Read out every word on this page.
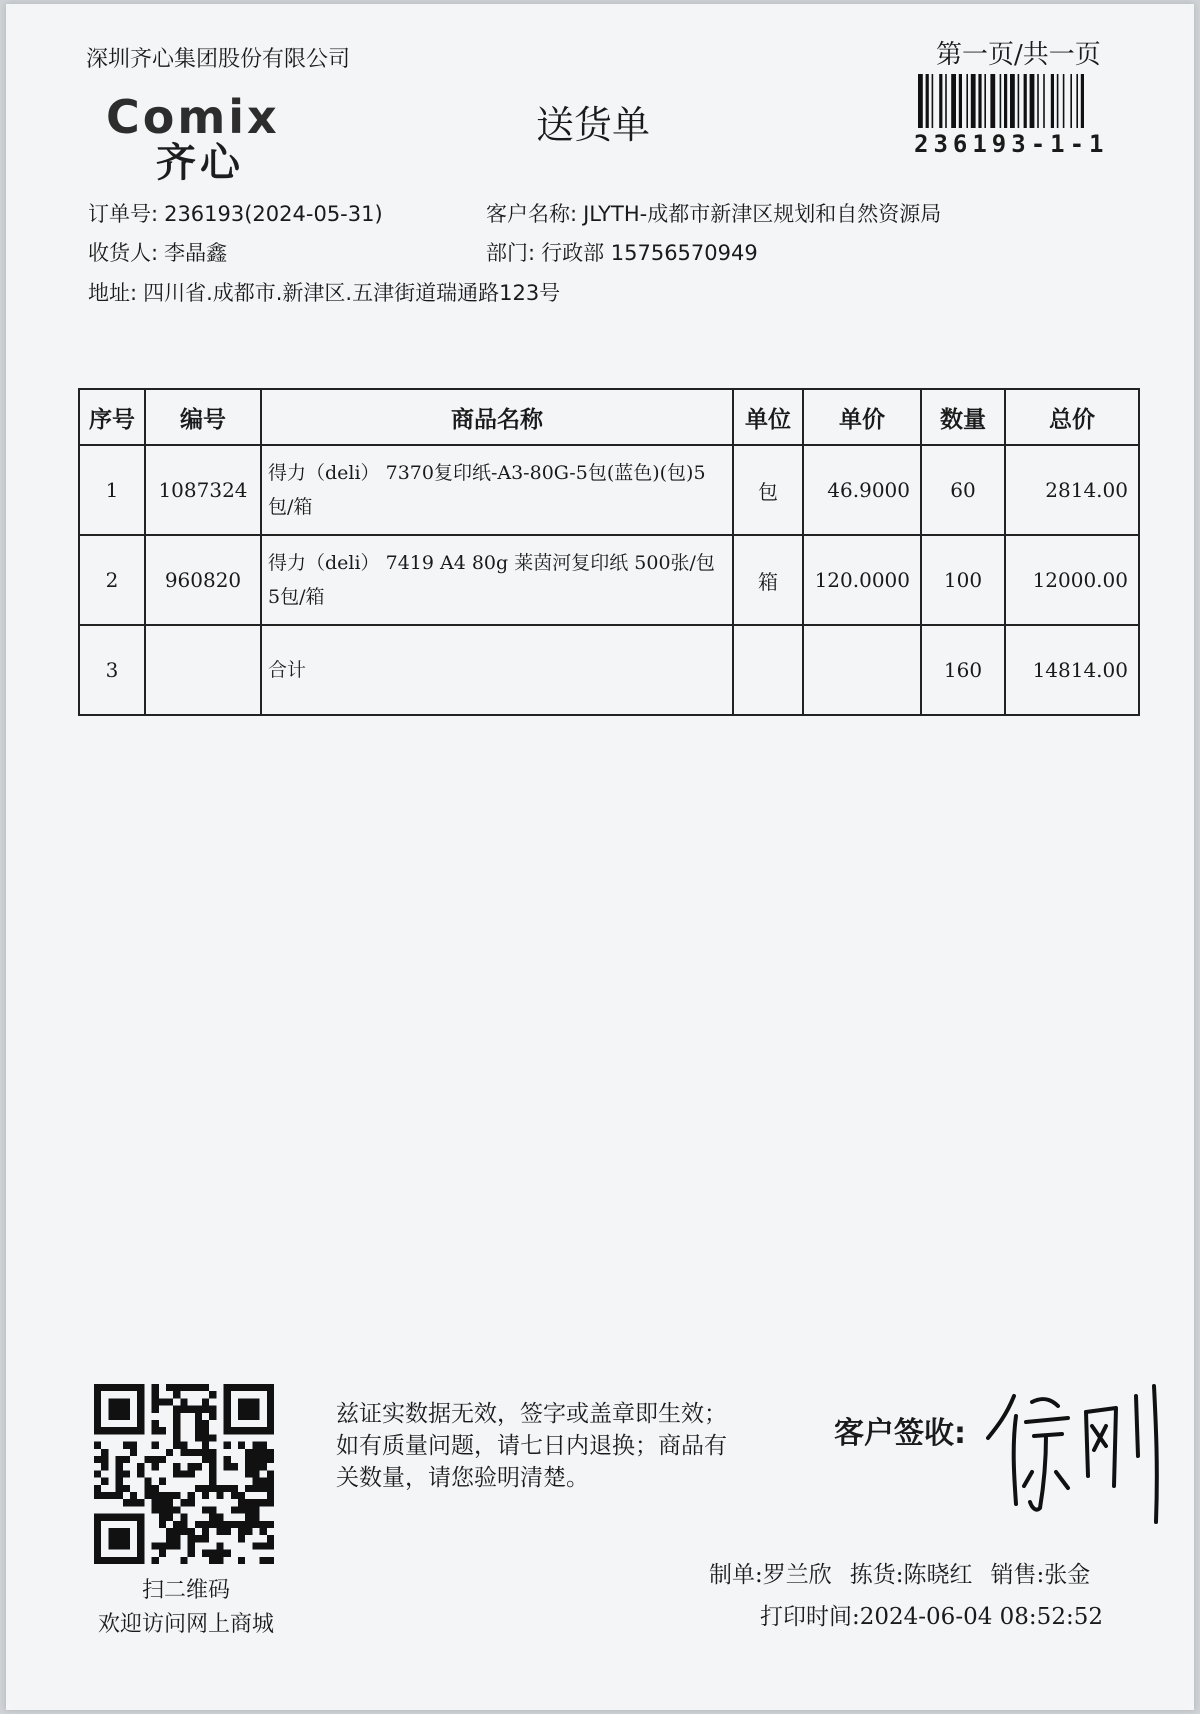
深圳齐心集团股份有限公司	第一页/共一页
236193-1-1
Comix
齐心
送货单
订单号: 236193(2024-05-31)	客户名称: JLYTH-成都市新津区规划和自然资源局
收货人: 李晶鑫	部门: 行政部 15756570949
地址: 四川省.成都市.新津区.五津街道瑞通路123号
序号	编号	商品名称	单位	单价	数量	总价
1	1087324	得力（deli） 7370复印纸-A3-80G-5包(蓝色)(包)5包/箱	包	46.9000	60	2814.00
2	960820	得力（deli） 7419 A4 80g 莱茵河复印纸 500张/包 5包/箱	箱	120.0000	100	12000.00
3		合计			160	14814.00
扫二维码
欢迎访问网上商城
兹证实数据无效，签字或盖章即生效；如有质量问题，请七日内退换；商品有关数量，请您验明清楚。
客户签收:
制单:罗兰欣 拣货:陈晓红 销售:张金
打印时间:2024-06-04 08:52:52
